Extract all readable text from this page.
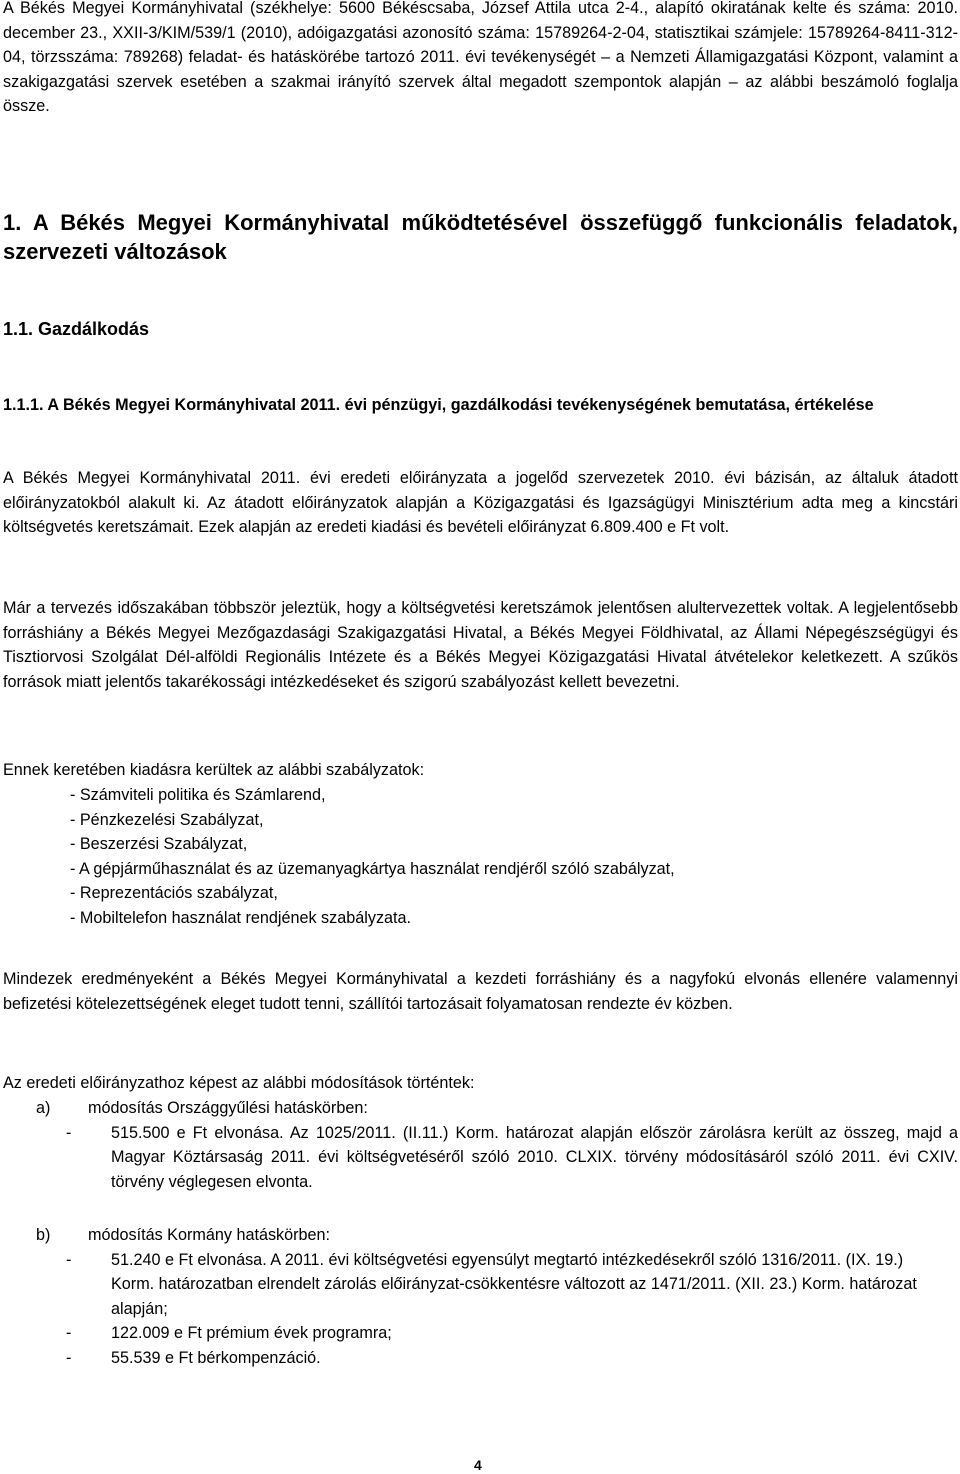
A Békés Megyei Kormányhivatal (székhelye: 5600 Békéscsaba, József Attila utca 2-4., alapító okiratának kelte és száma: 2010. december 23., XXII-3/KIM/539/1 (2010), adóigazgatási azonosító száma: 15789264-2-04, statisztikai számjele: 15789264-8411-312-04, törzsszáma: 789268) feladat- és hatáskörébe tartozó 2011. évi tevékenységét – a Nemzeti Államigazgatási Központ, valamint a szakigazgatási szervek esetében a szakmai irányító szervek által megadott szempontok alapján – az alábbi beszámoló foglalja össze.

1. A Békés Megyei Kormányhivatal működtetésével összefüggő funkcionális feladatok, szervezeti változások

1.1. Gazdálkodás

1.1.1. A Békés Megyei Kormányhivatal 2011. évi pénzügyi, gazdálkodási tevékenységének bemutatása, értékelése

A Békés Megyei Kormányhivatal 2011. évi eredeti előirányzata a jogelőd szervezetek 2010. évi bázisán, az általuk átadott előirányzatokból alakult ki. Az átadott előirányzatok alapján a Közigazgatási és Igazságügyi Minisztérium adta meg a kincstári költségvetés keretszámait. Ezek alapján az eredeti kiadási és bevételi előirányzat 6.809.400 e Ft volt.

Már a tervezés időszakában többször jeleztük, hogy a költségvetési keretszámok jelentősen alultervezettek voltak. A legjelentősebb forráshiány a Békés Megyei Mezőgazdasági Szakigazgatási Hivatal, a Békés Megyei Földhivatal, az Állami Népegészségügyi és Tisztiorvosi Szolgálat Dél-alföldi Regionális Intézete és a Békés Megyei Közigazgatási Hivatal átvételekor keletkezett. A szűkös források miatt jelentős takarékossági intézkedéseket és szigorú szabályozást kellett bevezetni.

Ennek keretében kiadásra kerültek az alábbi szabályzatok:

- Számviteli politika és Számlarend,
- Pénzkezelési Szabályzat,
- Beszerzési Szabályzat,
- A gépjárműhasználat és az üzemanyagkártya használat rendjéről szóló szabályzat,
- Reprezentációs szabályzat,
- Mobiltelefon használat rendjének szabályzata.

Mindezek eredményeként a Békés Megyei Kormányhivatal a kezdeti forráshiány és a nagyfokú elvonás ellenére valamennyi befizetési kötelezettségének eleget tudott tenni, szállítói tartozásait folyamatosan rendezte év közben.

Az eredeti előirányzathoz képest az alábbi módosítások történtek:

a)	módosítás Országgyűlési hatáskörben:
-	515.500 e Ft elvonása. Az 1025/2011. (II.11.) Korm. határozat alapján először zárolásra került az összeg, majd a Magyar Köztársaság 2011. évi költségvetéséről szóló 2010. CLXIX. törvény módosításáról szóló 2011. évi CXIV. törvény véglegesen elvonta.
b)	módosítás Kormány hatáskörben:
-	51.240 e Ft elvonása. A 2011. évi költségvetési egyensúlyt megtartó intézkedésekről szóló 1316/2011. (IX. 19.) Korm. határozatban elrendelt zárolás előirányzat-csökkentésre változott az 1471/2011. (XII. 23.) Korm. határozat alapján;
-	122.009 e Ft prémium évek programra;
-	55.539 e Ft bérkompenzáció.
4
